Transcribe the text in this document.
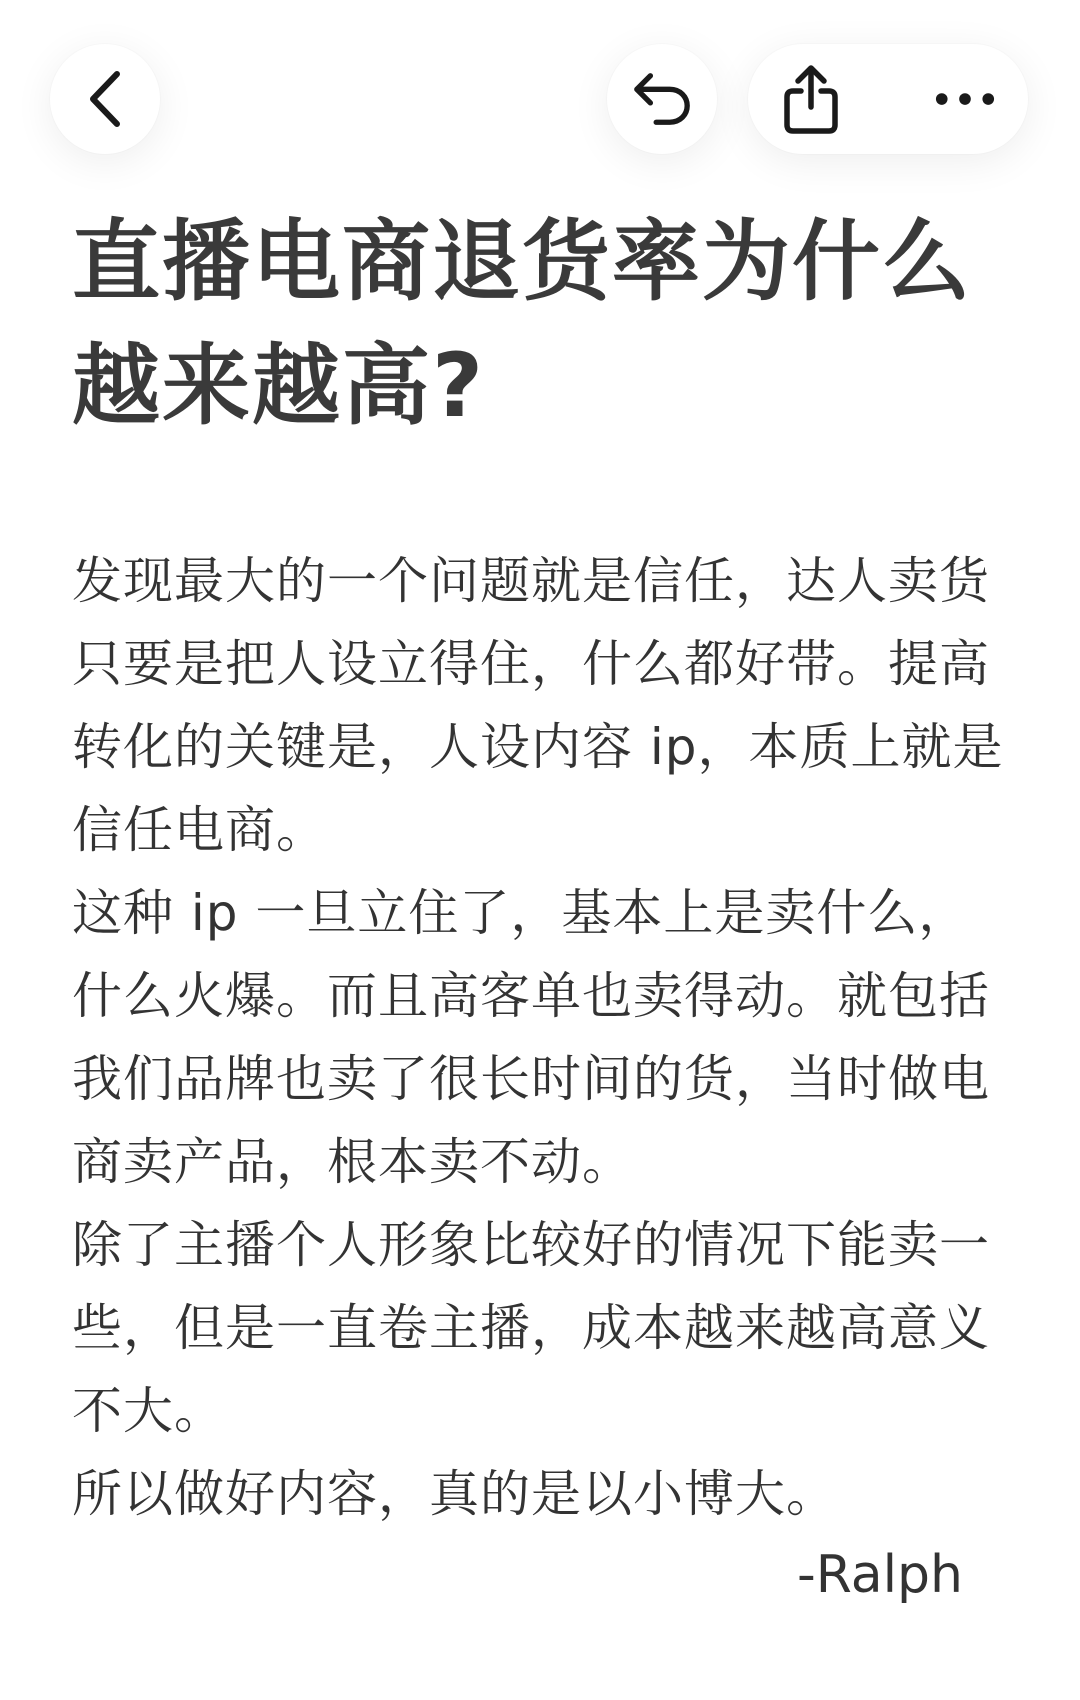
直播电商退货率为什么越来越高?

发现最大的一个问题就是信任，达人卖货只要是把人设立得住，什么都好带。提高转化的关键是，人设内容 ip，本质上就是信任电商。

这种 ip 一旦立住了，基本上是卖什么，什么火爆。而且高客单也卖得动。就包括我们品牌也卖了很长时间的货，当时做电商卖产品，根本卖不动。

除了主播个人形象比较好的情况下能卖一些，但是一直卷主播，成本越来越高意义不大。

所以做好内容，真的是以小博大。

-Ralph
